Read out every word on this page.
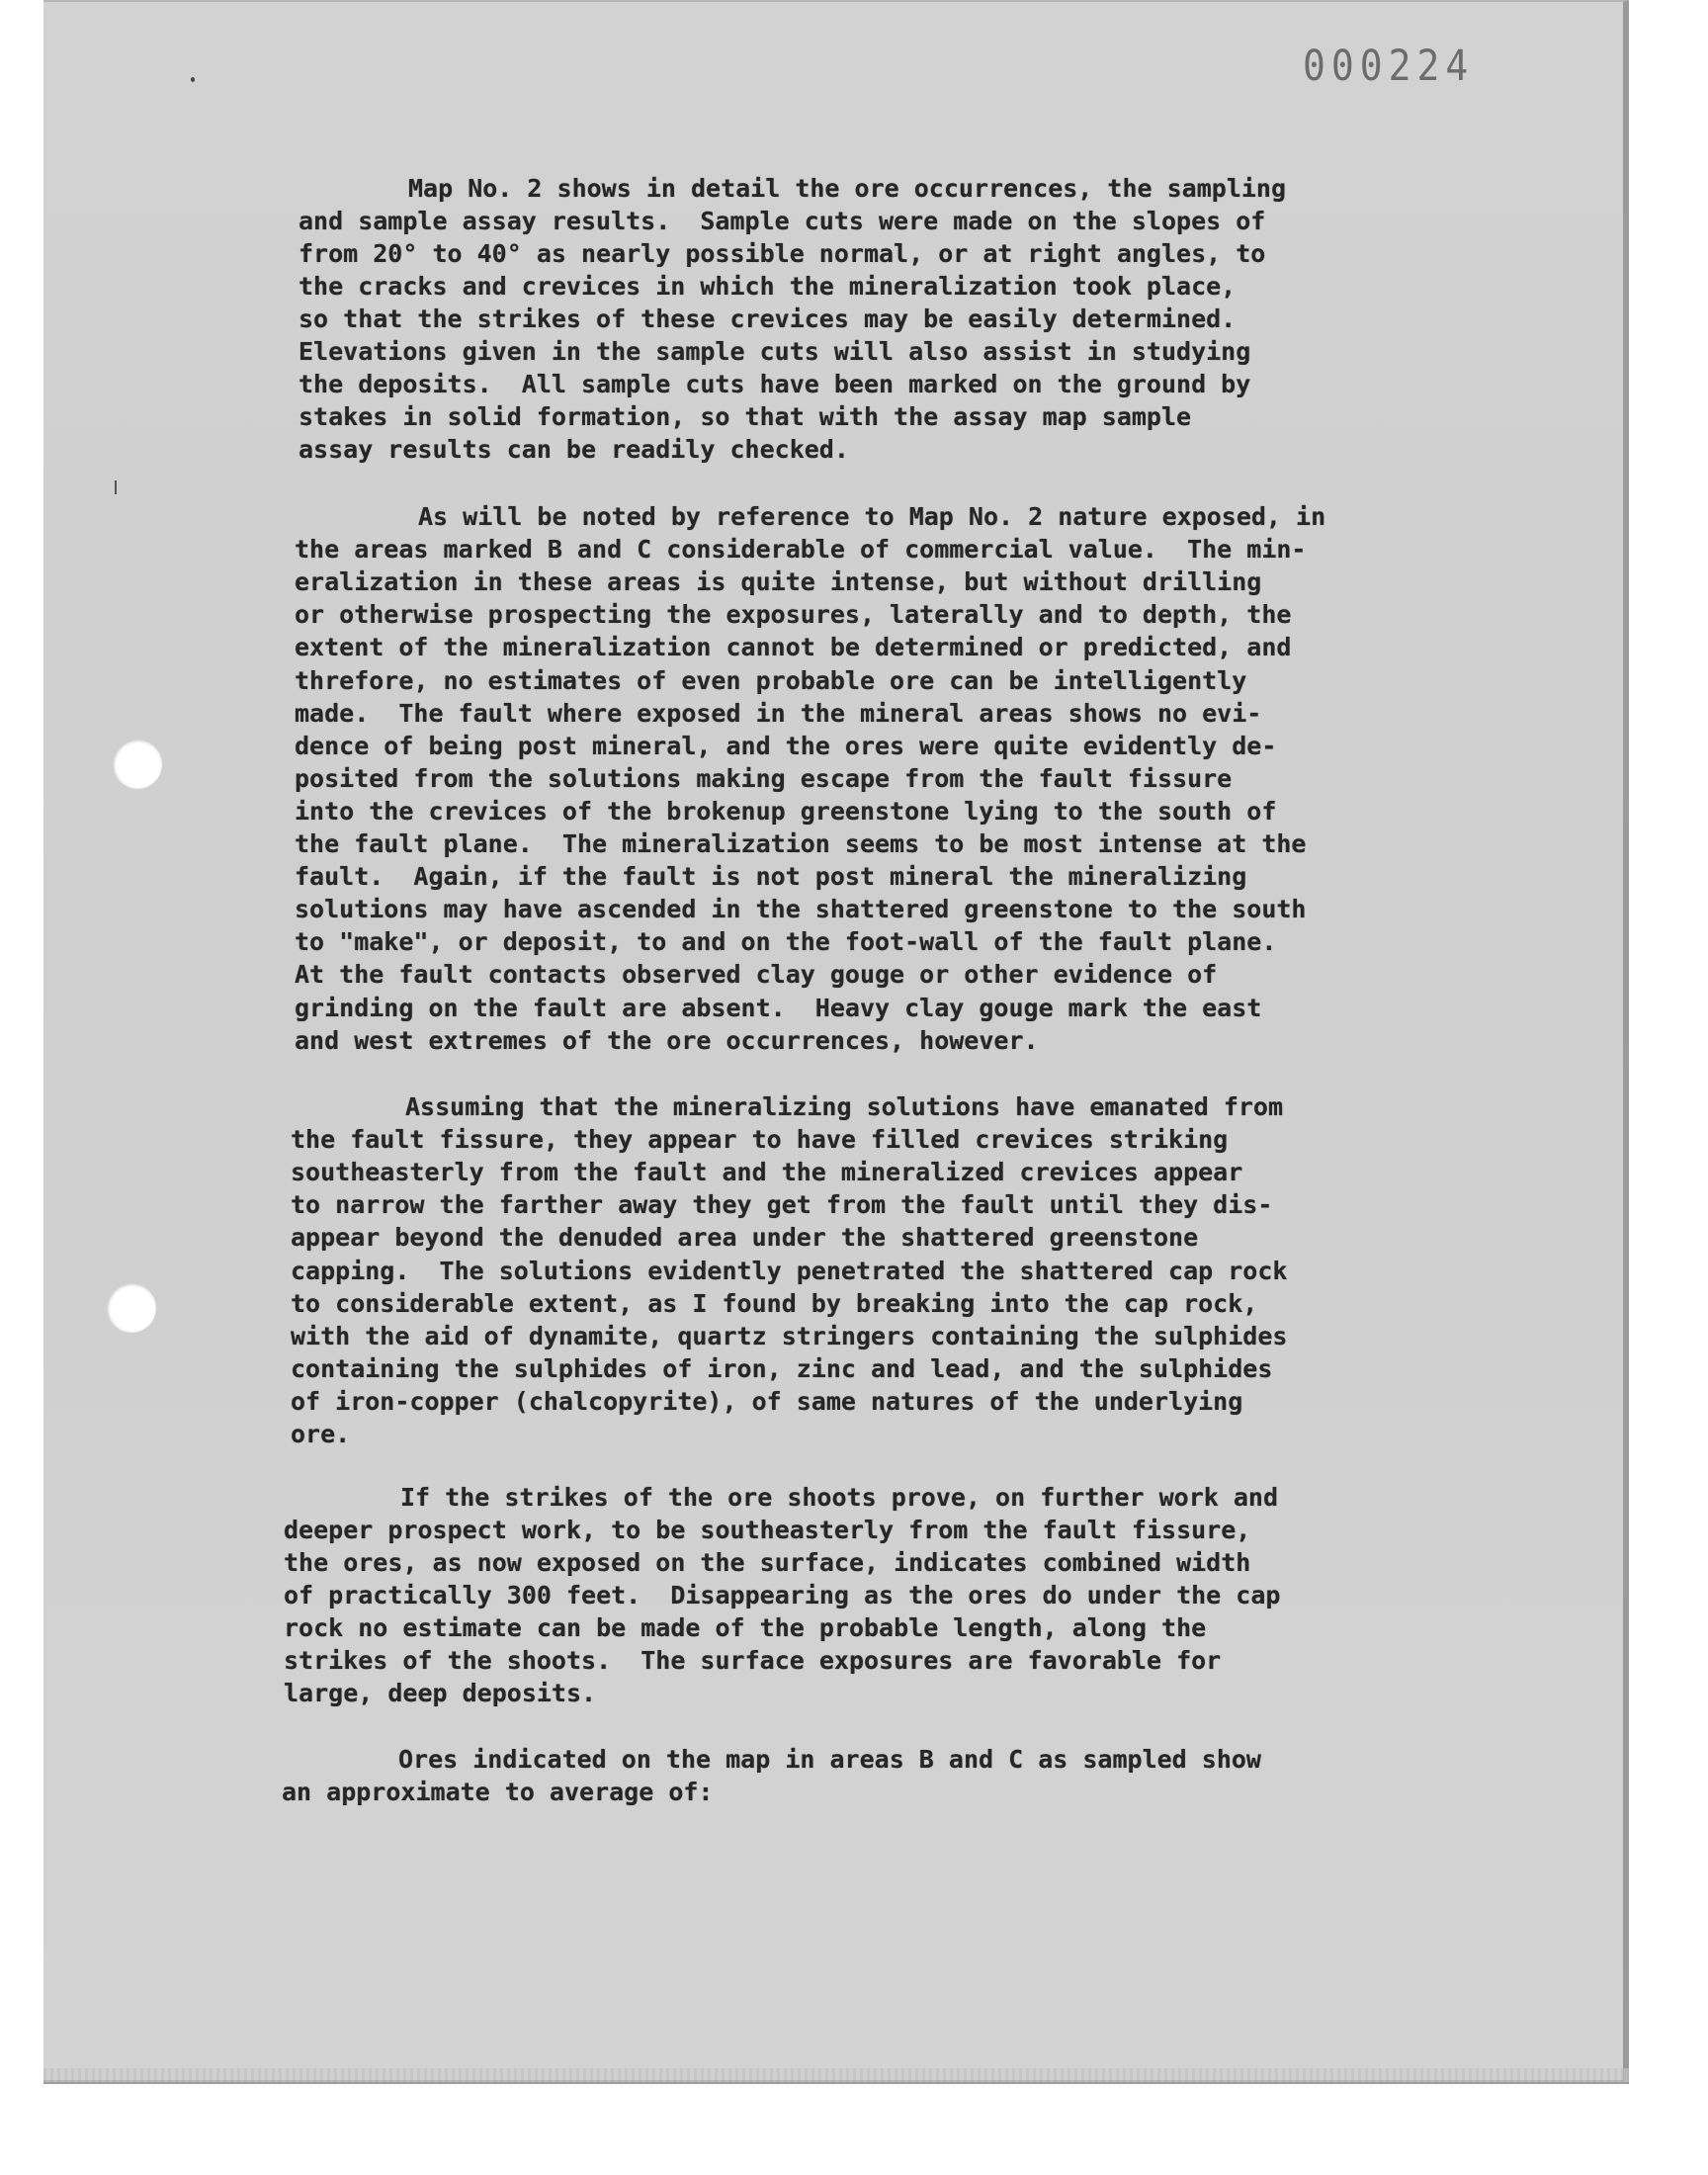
000224
Map No. 2 shows in detail the ore occurrences, the sampling
and sample assay results.  Sample cuts were made on the slopes of
from 20° to 40° as nearly possible normal, or at right angles, to
the cracks and crevices in which the mineralization took place,
so that the strikes of these crevices may be easily determined.
Elevations given in the sample cuts will also assist in studying
the deposits.  All sample cuts have been marked on the ground by
stakes in solid formation, so that with the assay map sample
assay results can be readily checked.
As will be noted by reference to Map No. 2 nature exposed, in
the areas marked B and C considerable of commercial value.  The min-
eralization in these areas is quite intense, but without drilling
or otherwise prospecting the exposures, laterally and to depth, the
extent of the mineralization cannot be determined or predicted, and
threfore, no estimates of even probable ore can be intelligently
made.  The fault where exposed in the mineral areas shows no evi-
dence of being post mineral, and the ores were quite evidently de-
posited from the solutions making escape from the fault fissure
into the crevices of the brokenup greenstone lying to the south of
the fault plane.  The mineralization seems to be most intense at the
fault.  Again, if the fault is not post mineral the mineralizing
solutions may have ascended in the shattered greenstone to the south
to "make", or deposit, to and on the foot-wall of the fault plane.
At the fault contacts observed clay gouge or other evidence of
grinding on the fault are absent.  Heavy clay gouge mark the east
and west extremes of the ore occurrences, however.
Assuming that the mineralizing solutions have emanated from
the fault fissure, they appear to have filled crevices striking
southeasterly from the fault and the mineralized crevices appear
to narrow the farther away they get from the fault until they dis-
appear beyond the denuded area under the shattered greenstone
capping.  The solutions evidently penetrated the shattered cap rock
to considerable extent, as I found by breaking into the cap rock,
with the aid of dynamite, quartz stringers containing the sulphides
containing the sulphides of iron, zinc and lead, and the sulphides
of iron-copper (chalcopyrite), of same natures of the underlying
ore.
If the strikes of the ore shoots prove, on further work and
deeper prospect work, to be southeasterly from the fault fissure,
the ores, as now exposed on the surface, indicates combined width
of practically 300 feet.  Disappearing as the ores do under the cap
rock no estimate can be made of the probable length, along the
strikes of the shoots.  The surface exposures are favorable for
large, deep deposits.
Ores indicated on the map in areas B and C as sampled show
an approximate to average of:
